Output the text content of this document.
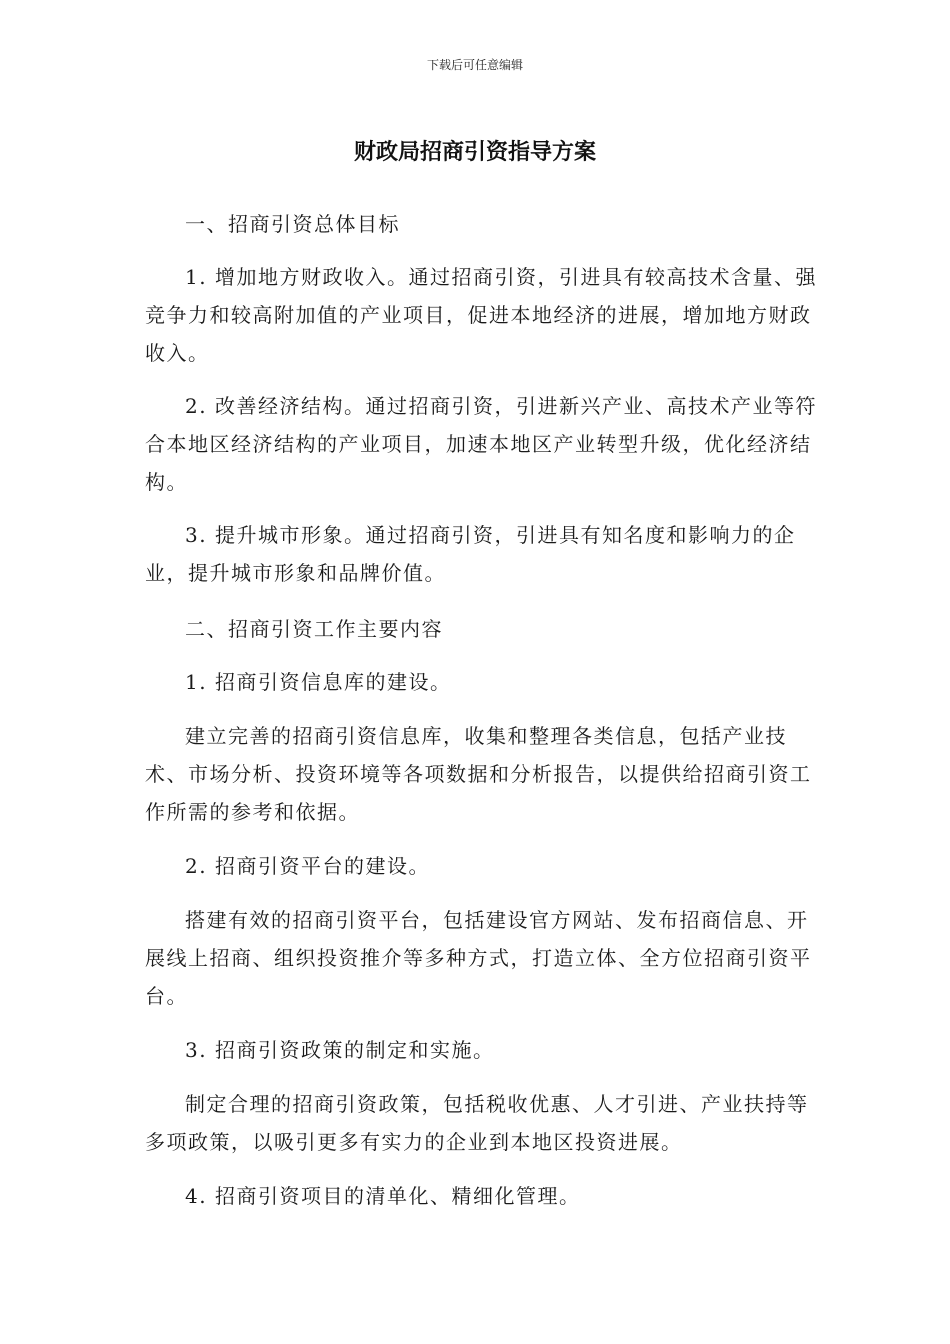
下载后可任意编辑
财政局招商引资指导方案

一、招商引资总体目标

1. 增加地方财政收入。通过招商引资，引进具有较高技术含量、强竞争力和较高附加值的产业项目，促进本地经济的进展，增加地方财政收入。

2. 改善经济结构。通过招商引资，引进新兴产业、高技术产业等符合本地区经济结构的产业项目，加速本地区产业转型升级，优化经济结构。

3. 提升城市形象。通过招商引资，引进具有知名度和影响力的企业，提升城市形象和品牌价值。

二、招商引资工作主要内容

1. 招商引资信息库的建设。

建立完善的招商引资信息库，收集和整理各类信息，包括产业技术、市场分析、投资环境等各项数据和分析报告，以提供给招商引资工作所需的参考和依据。

2. 招商引资平台的建设。

搭建有效的招商引资平台，包括建设官方网站、发布招商信息、开展线上招商、组织投资推介等多种方式，打造立体、全方位招商引资平台。

3. 招商引资政策的制定和实施。

制定合理的招商引资政策，包括税收优惠、人才引进、产业扶持等多项政策，以吸引更多有实力的企业到本地区投资进展。

4. 招商引资项目的清单化、精细化管理。
